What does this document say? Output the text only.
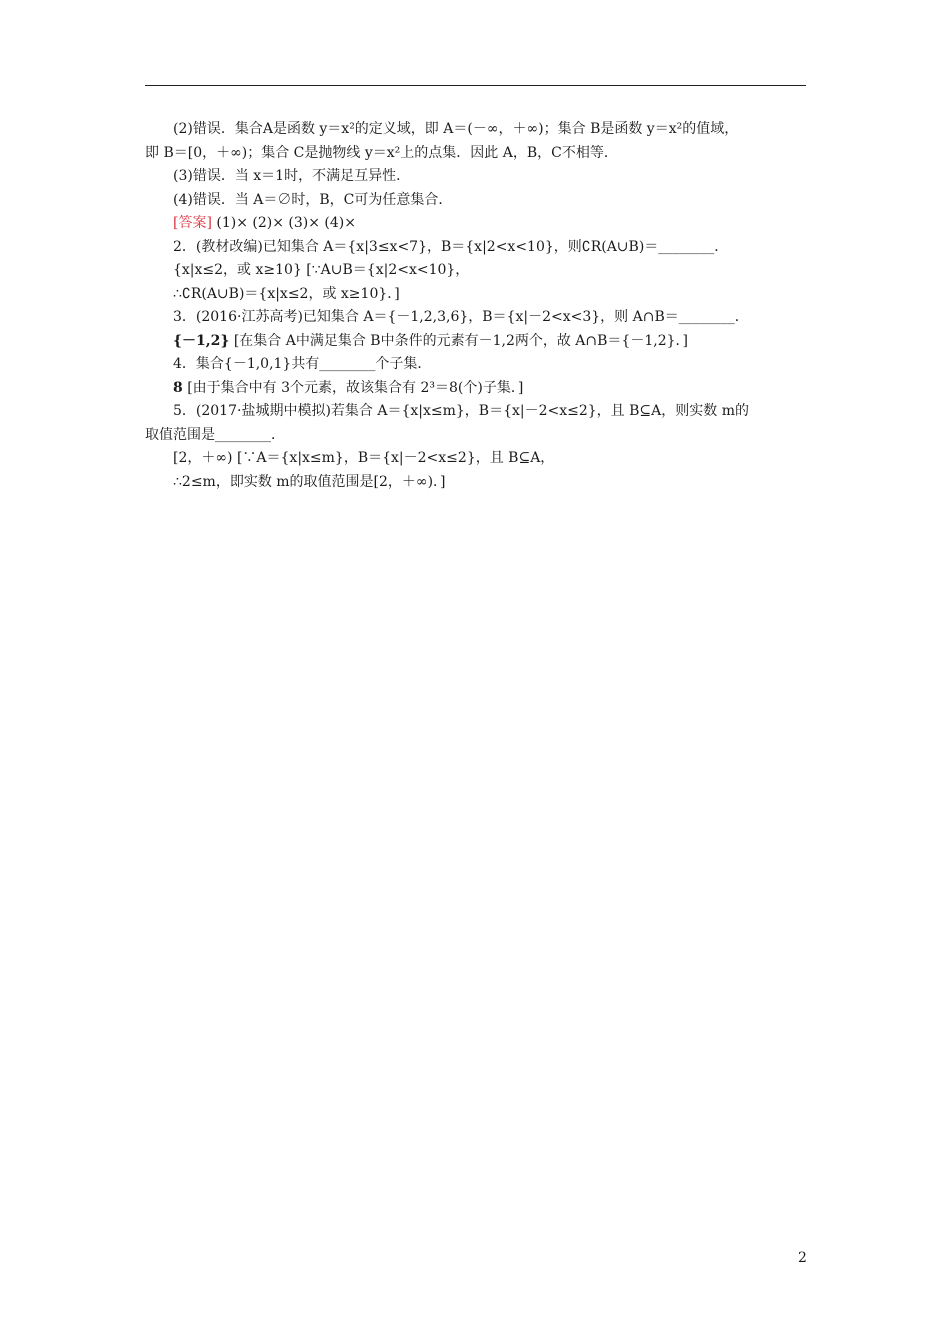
(2)错误．集合A是函数 y＝x²的定义域，即 A＝(－∞，＋∞)；集合 B是函数 y＝x²的值域，
即 B＝[0，＋∞)；集合 C是抛物线 y＝x²上的点集．因此 A，B，C不相等．
(3)错误．当 x＝1时，不满足互异性．
(4)错误．当 A＝∅时，B，C可为任意集合．
[答案] (1)× (2)× (3)× (4)×
2．(教材改编)已知集合 A＝{x|3≤x<7}，B＝{x|2<x<10}，则∁R(A∪B)＝________．
{x|x≤2，或 x≥10} [∵A∪B＝{x|2<x<10}，
∴∁R(A∪B)＝{x|x≤2，或 x≥10}．]
3．(2016·江苏高考)已知集合 A＝{－1,2,3,6}，B＝{x|－2<x<3}，则 A∩B＝________．
{－1,2} [在集合 A中满足集合 B中条件的元素有－1,2两个，故 A∩B＝{－1,2}．]
4．集合{－1,0,1}共有________个子集．
8 [由于集合中有 3个元素，故该集合有 2³＝8(个)子集．]
5．(2017·盐城期中模拟)若集合 A＝{x|x≤m}，B＝{x|－2<x≤2}，且 B⊆A，则实数 m的
取值范围是________．
[2，＋∞) [∵A＝{x|x≤m}，B＝{x|－2<x≤2}，且 B⊆A，
∴2≤m，即实数 m的取值范围是[2，＋∞)．]
2
